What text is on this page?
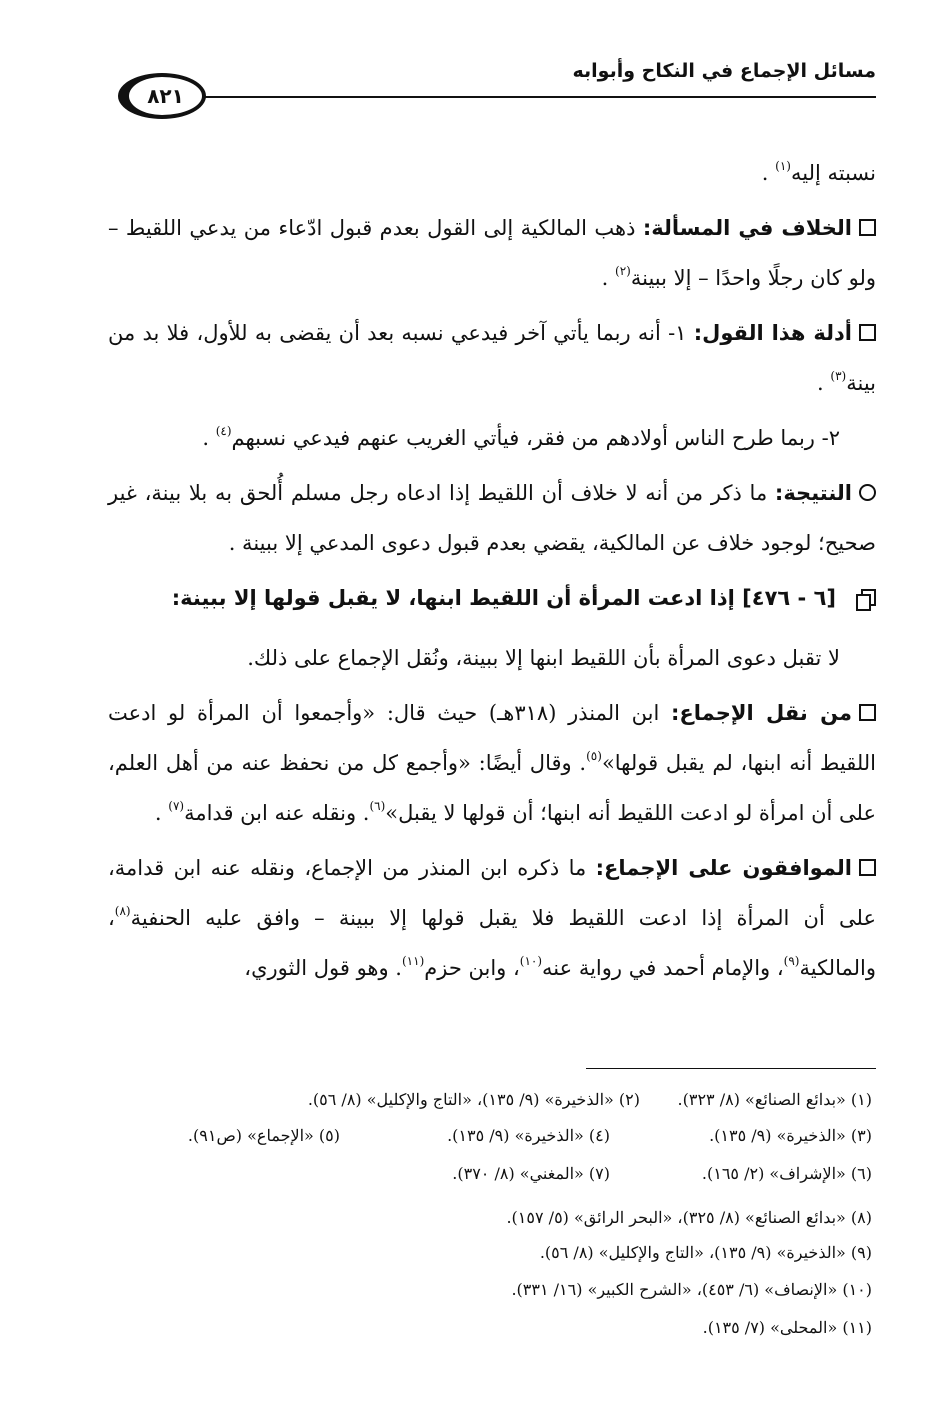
مسائل الإجماع في النكاح وأبوابه
٨٢١

نسبته إليه$^{(١)}$ .

الخلاف في المسألة: ذهب المالكية إلى القول بعدم قبول ادّعاء من يدعي اللقيط – ولو كان رجلًا واحدًا – إلا ببينة$^{(٢)}$ .

أدلة هذا القول: ١- أنه ربما يأتي آخر فيدعي نسبه بعد أن يقضى به للأول، فلا بد من بينة$^{(٣)}$ .

٢- ربما طرح الناس أولادهم من فقر، فيأتي الغريب عنهم فيدعي نسبهم$^{(٤)}$ .

النتيجة: ما ذكر من أنه لا خلاف أن اللقيط إذا ادعاه رجل مسلم أُلحق به بلا بينة، غير صحيح؛ لوجود خلاف عن المالكية، يقضي بعدم قبول دعوى المدعي إلا ببينة .

[٦ - ٤٧٦] إذا ادعت المرأة أن اللقيط ابنها، لا يقبل قولها إلا ببينة:

لا تقبل دعوى المرأة بأن اللقيط ابنها إلا ببينة، ونُقل الإجماع على ذلك.

من نقل الإجماع: ابن المنذر (٣١٨هـ) حيث قال: «وأجمعوا أن المرأة لو ادعت اللقيط أنه ابنها، لم يقبل قولها»$^{(٥)}$. وقال أيضًا: «وأجمع كل من نحفظ عنه من أهل العلم، على أن امرأة لو ادعت اللقيط أنه ابنها؛ أن قولها لا يقبل»$^{(٦)}$. ونقله عنه ابن قدامة$^{(٧)}$ .

الموافقون على الإجماع: ما ذكره ابن المنذر من الإجماع، ونقله عنه ابن قدامة، على أن المرأة إذا ادعت اللقيط فلا يقبل قولها إلا ببينة – وافق عليه الحنفية$^{(٨)}$، والمالكية$^{(٩)}$، والإمام أحمد في رواية عنه$^{(١٠)}$، وابن حزم$^{(١١)}$. وهو قول الثوري،

(١) «بدائع الصنائع» (٨/ ٣٢٣).
(٢) «الذخيرة» (٩/ ١٣٥)، «التاج والإكليل» (٨/ ٥٦).
(٣) «الذخيرة» (٩/ ١٣٥).
(٤) «الذخيرة» (٩/ ١٣٥).
(٥) «الإجماع» (ص٩١).
(٦) «الإشراف» (٢/ ١٦٥).
(٧) «المغني» (٨/ ٣٧٠).
(٨) «بدائع الصنائع» (٨/ ٣٢٥)، «البحر الرائق» (٥/ ١٥٧).
(٩) «الذخيرة» (٩/ ١٣٥)، «التاج والإكليل» (٨/ ٥٦).
(١٠) «الإنصاف» (٦/ ٤٥٣)، «الشرح الكبير» (١٦/ ٣٣١).
(١١) «المحلى» (٧/ ١٣٥).
